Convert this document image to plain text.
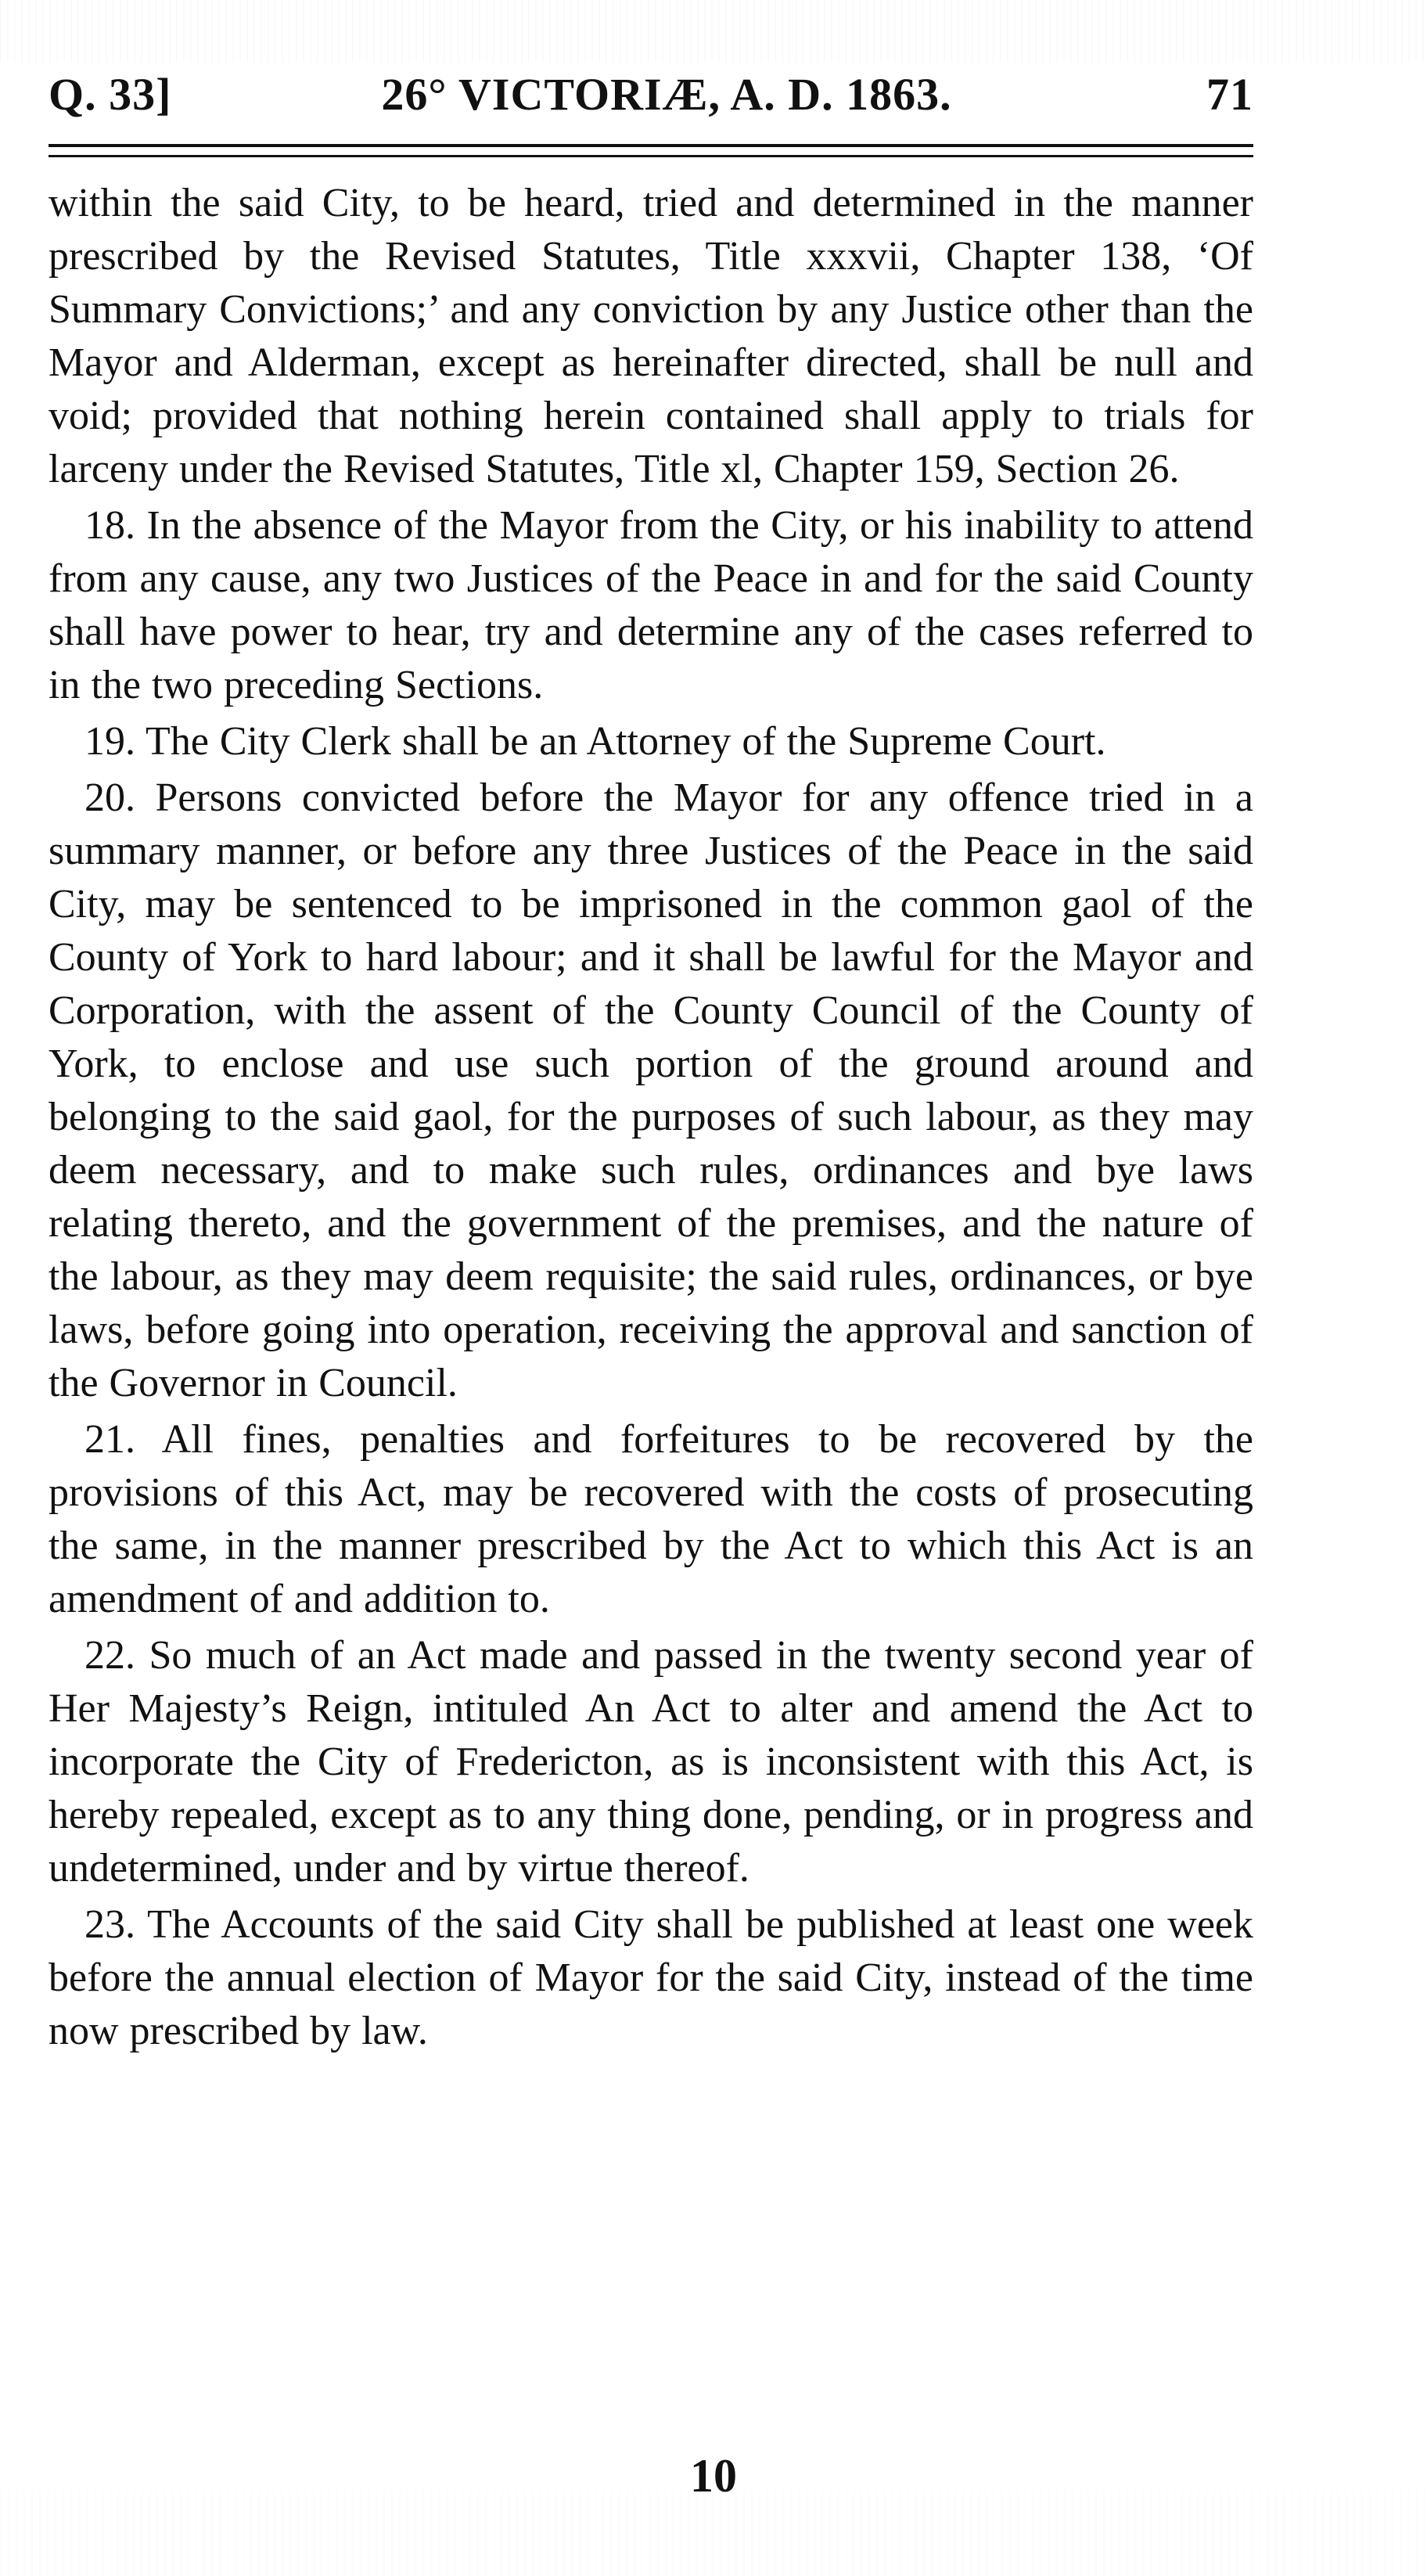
Q. 33]	26° VICTORIÆ, A. D. 1863.	71

within the said City, to be heard, tried and determined in the manner prescribed by the Revised Statutes, Title xxxvii, Chapter 138, ‘Of Summary Convictions;’ and any conviction by any Justice other than the Mayor and Alderman, except as hereinafter directed, shall be null and void; provided that nothing herein contained shall apply to trials for larceny under the Revised Statutes, Title xl, Chapter 159, Section 26.

18. In the absence of the Mayor from the City, or his inability to attend from any cause, any two Justices of the Peace in and for the said County shall have power to hear, try and determine any of the cases referred to in the two preceding Sections.

19. The City Clerk shall be an Attorney of the Supreme Court.

20. Persons convicted before the Mayor for any offence tried in a summary manner, or before any three Justices of the Peace in the said City, may be sentenced to be imprisoned in the common gaol of the County of York to hard labour; and it shall be lawful for the Mayor and Corporation, with the assent of the County Council of the County of York, to enclose and use such portion of the ground around and belonging to the said gaol, for the purposes of such labour, as they may deem necessary, and to make such rules, ordinances and bye laws relating thereto, and the government of the premises, and the nature of the labour, as they may deem requisite; the said rules, ordinances, or bye laws, before going into operation, receiving the approval and sanction of the Governor in Council.

21. All fines, penalties and forfeitures to be recovered by the provisions of this Act, may be recovered with the costs of prosecuting the same, in the manner prescribed by the Act to which this Act is an amendment of and addition to.

22. So much of an Act made and passed in the twenty second year of Her Majesty’s Reign, intituled An Act to alter and amend the Act to incorporate the City of Fredericton, as is inconsistent with this Act, is hereby repealed, except as to any thing done, pending, or in progress and undetermined, under and by virtue thereof.

23. The Accounts of the said City shall be published at least one week before the annual election of Mayor for the said City, instead of the time now prescribed by law.

10
